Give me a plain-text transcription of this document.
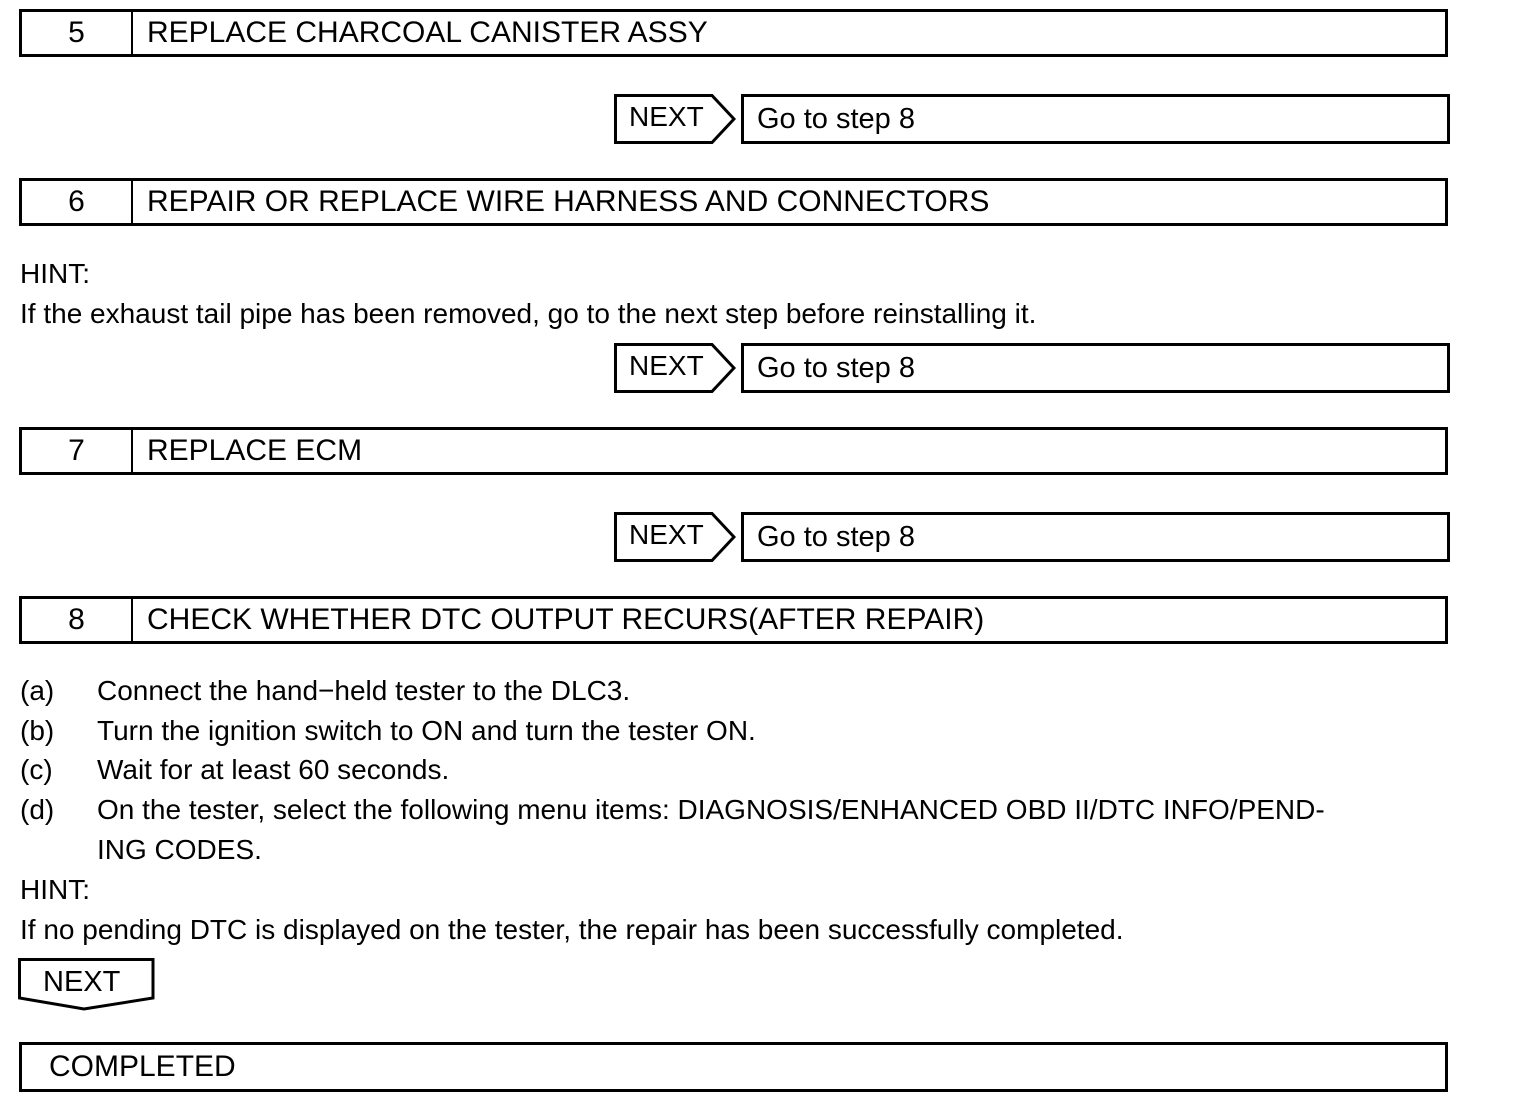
5	REPLACE CHARCOAL CANISTER ASSY
NEXT	Go to step 8
6	REPAIR OR REPLACE WIRE HARNESS AND CONNECTORS
HINT:
If the exhaust tail pipe has been removed, go to the next step before reinstalling it.
NEXT	Go to step 8
7	REPLACE ECM
NEXT	Go to step 8
8	CHECK WHETHER DTC OUTPUT RECURS(AFTER REPAIR)
(a) Connect the hand−held tester to the DLC3.
(b) Turn the ignition switch to ON and turn the tester ON.
(c) Wait for at least 60 seconds.
(d) On the tester, select the following menu items: DIAGNOSIS/ENHANCED OBD II/DTC INFO/PEND-
ING CODES.
HINT:
If no pending DTC is displayed on the tester, the repair has been successfully completed.
NEXT
COMPLETED
